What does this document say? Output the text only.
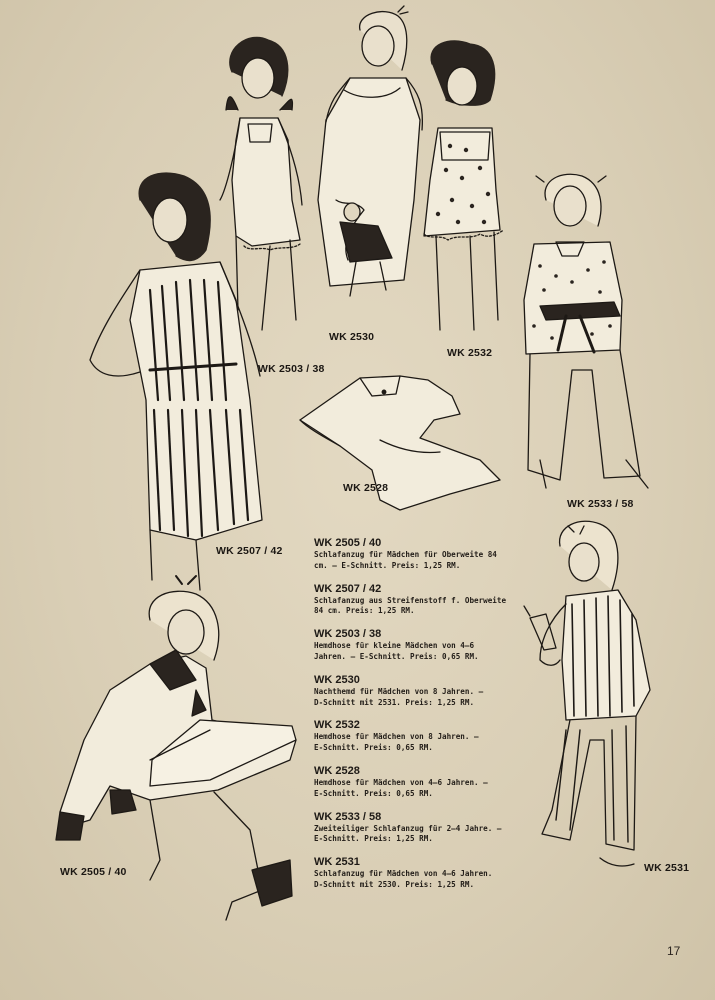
WK 2503 / 38
WK 2530
WK 2532
WK 2528
WK 2533 / 58
WK 2507 / 42
WK 2505 / 40	WK 2531
WK 2505 / 40
Schlafanzug für Mädchen für Oberweite 84
cm. — E-Schnitt. Preis: 1,25 RM.
WK 2507 / 42
Schlafanzug aus Streifenstoff f. Oberweite
84 cm. Preis: 1,25 RM.
WK 2503 / 38
Hemdhose für kleine Mädchen von 4—6
Jahren. — E-Schnitt. Preis: 0,65 RM.
WK 2530
Nachthemd für Mädchen von 8 Jahren. —
D-Schnitt mit 2531. Preis: 1,25 RM.
WK 2532
Hemdhose für Mädchen von 8 Jahren. —
E-Schnitt. Preis: 0,65 RM.
WK 2528
Hemdhose für Mädchen von 4—6 Jahren. —
E-Schnitt. Preis: 0,65 RM.
WK 2533 / 58
Zweiteiliger Schlafanzug für 2—4 Jahre. —
E-Schnitt. Preis: 1,25 RM.
WK 2531
Schlafanzug für Mädchen von 4—6 Jahren.
D-Schnitt mit 2530. Preis: 1,25 RM.
17
